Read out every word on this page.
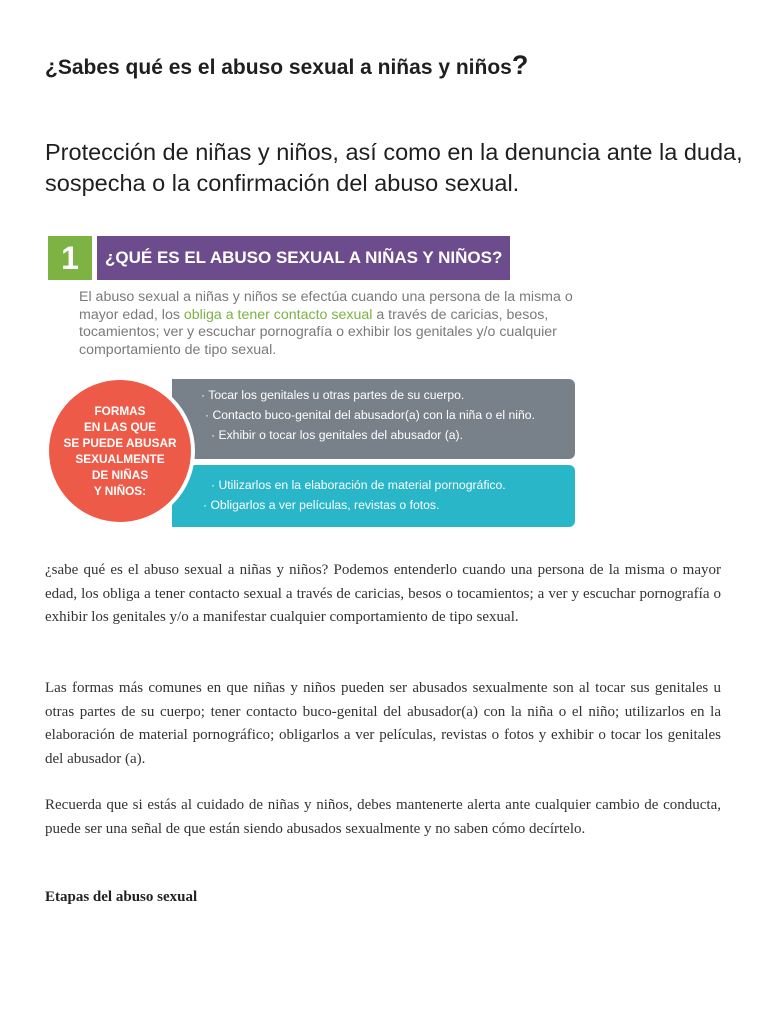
¿Sabes qué es el abuso sexual a niñas y niños?

Protección de niñas y niños, así como en la denuncia ante la duda, sospecha o la confirmación del abuso sexual.

1	¿QUÉ ES EL ABUSO SEXUAL A NIÑAS Y NIÑOS?

El abuso sexual a niñas y niños se efectúa cuando una persona de la misma o mayor edad, los obliga a tener contacto sexual a través de caricias, besos, tocamientos; ver y escuchar pornografía o exhibir los genitales y/o cualquier comportamiento de tipo sexual.

· Tocar los genitales u otras partes de su cuerpo.

· Contacto buco-genital del abusador(a) con la niña o el niño.

· Exhibir o tocar los genitales del abusador (a).

· Utilizarlos en la elaboración de material pornográfico.

· Obligarlos a ver películas, revistas o fotos.

FORMAS
EN LAS QUE
SE PUEDE ABUSAR
SEXUALMENTE
DE NIÑAS
Y NIÑOS:

¿sabe qué es el abuso sexual a niñas y niños? Podemos entenderlo cuando una persona de la misma o mayor edad, los obliga a tener contacto sexual a través de caricias, besos o tocamientos; a ver y escuchar pornografía o exhibir los genitales y/o a manifestar cualquier comportamiento de tipo sexual.

Las formas más comunes en que niñas y niños pueden ser abusados sexualmente son al tocar sus genitales u otras partes de su cuerpo; tener contacto buco-genital del abusador(a) con la niña o el niño; utilizarlos en la elaboración de material pornográfico; obligarlos a ver películas, revistas o fotos y exhibir o tocar los genitales del abusador (a).

Recuerda que si estás al cuidado de niñas y niños, debes mantenerte alerta ante cualquier cambio de conducta, puede ser una señal de que están siendo abusados sexualmente y no saben cómo decírtelo.

Etapas del abuso sexual
